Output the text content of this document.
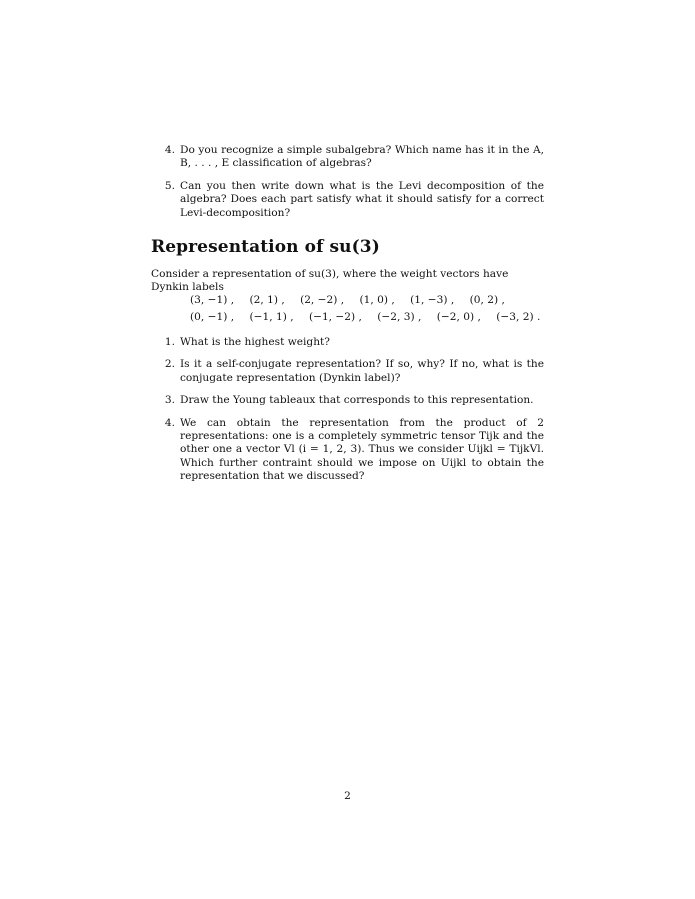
4. Do you recognize a simple subalgebra? Which name has it in the A, B, . . . , E classification of algebras?
5. Can you then write down what is the Levi decomposition of the algebra? Does each part satisfy what it should satisfy for a correct Levi-decomposition?
Representation of su(3)
Consider a representation of su(3), where the weight vectors have Dynkin labels
(3, −1) , (2, 1) , (2, −2) , (1, 0) , (1, −3) , (0, 2) ,
(0, −1) , (−1, 1) , (−1, −2) , (−2, 3) , (−2, 0) , (−3, 2) .
1. What is the highest weight?
2. Is it a self-conjugate representation? If so, why? If no, what is the conjugate representation (Dynkin label)?
3. Draw the Young tableaux that corresponds to this representation.
4. We can obtain the representation from the product of 2 representations: one is a completely symmetric tensor Tijk and the other one a vector Vl (i = 1, 2, 3). Thus we consider Uijkl = TijkVl. Which further contraint should we impose on Uijkl to obtain the representation that we discussed?
2
